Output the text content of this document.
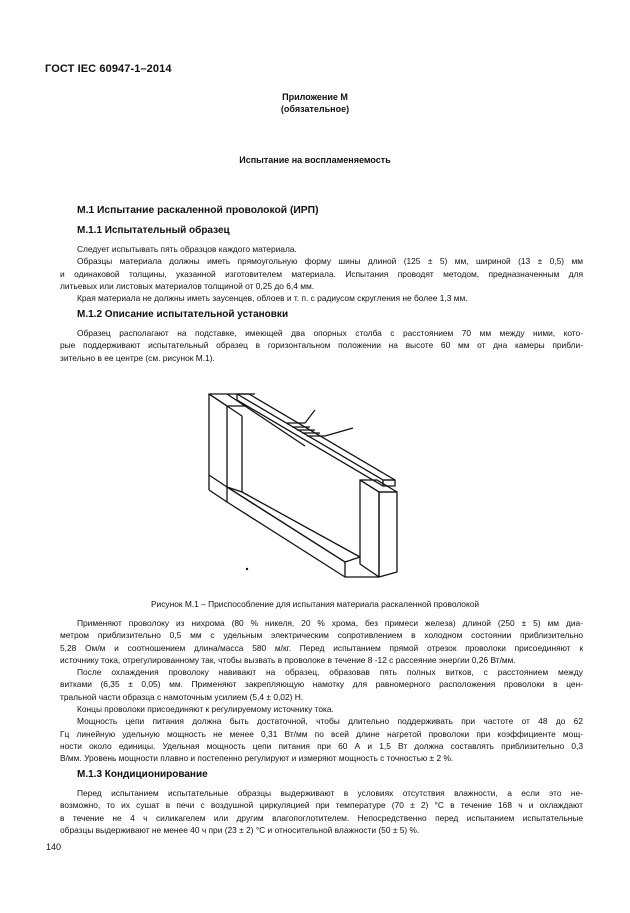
ГОСТ IEC 60947-1–2014
Приложение М
(обязательное)
Испытание на воспламеняемость
М.1 Испытание раскаленной проволокой (ИРП)
М.1.1 Испытательный образец

Следует испытывать пять образцов каждого материала.

Образцы материала должны иметь прямоугольную форму шины длиной (125 ± 5) мм, шириной (13 ± 0,5) мм
и одинаковой толщины, указанной изготовителем материала. Испытания проводят методом, предназначенным для
литьевых или листовых материалов толщиной от 0,25 до 6,4 мм.

Края материала не должны иметь заусенцев, облоев и т. п. с радиусом скругления не более 1,3 мм.

М.1.2 Описание испытательной установки

Образец располагают на подставке, имеющей два опорных столба с расстоянием 70 мм между ними, кото-
рые поддерживают испытательный образец в горизонтальном положении на высоте 60 мм от дна камеры прибли-
зительно в ее центре (см. рисунок М.1).

Рисунок М.1 – Приспособление для испытания материала раскаленной проволокой

Применяют проволоку из нихрома (80 % никеля, 20 % хрома, без примеси железа) длиной (250 ± 5) мм диа-
метром приблизительно 0,5 мм с удельным электрическим сопротивлением в холодном состоянии приблизительно
5,28 Ом/м и соотношением длина/масса 580 м/кг. Перед испытанием прямой отрезок проволоки присоединяют к
источнику тока, отрегулированному так, чтобы вызвать в проволоке в течение 8 -12 с рассеяние энергии 0,26 Вт/мм.

После охлаждения проволоку навивают на образец, образовав пять полных витков, с расстоянием между
витками (6,35 ± 0,05) мм. Применяют закрепляющую намотку для равномерного расположения проволоки в цен-
тральной части образца с намоточным усилием (5,4 ± 0,02) Н.

Концы проволоки присоединяют к регулируемому источнику тока.

Мощность цепи питания должна быть достаточной, чтобы длительно поддерживать при частоте от 48 до 62
Гц линейную удельную мощность не менее 0,31 Вт/мм по всей длине нагретой проволоки при коэффициенте мощ-
ности около единицы. Удельная мощность цепи питания при 60 А и 1,5 Вт должна составлять приблизительно 0,3
В/мм. Уровень мощности плавно и постепенно регулируют и измеряют мощность с точностью ± 2 %.

М.1.3 Кондиционирование

Перед испытанием испытательные образцы выдерживают в условиях отсутствия влажности, а если это не-
возможно, то их сушат в печи с воздушной циркуляцией при температуре (70 ± 2) °С в течение 168 ч и охлаждают
в течение не 4 ч силикагелем или другим влагопоглотителем. Непосредственно перед испытанием испытательные
образцы выдерживают не менее 40 ч при (23 ± 2) °С и относительной влажности (50 ± 5) %.

140
